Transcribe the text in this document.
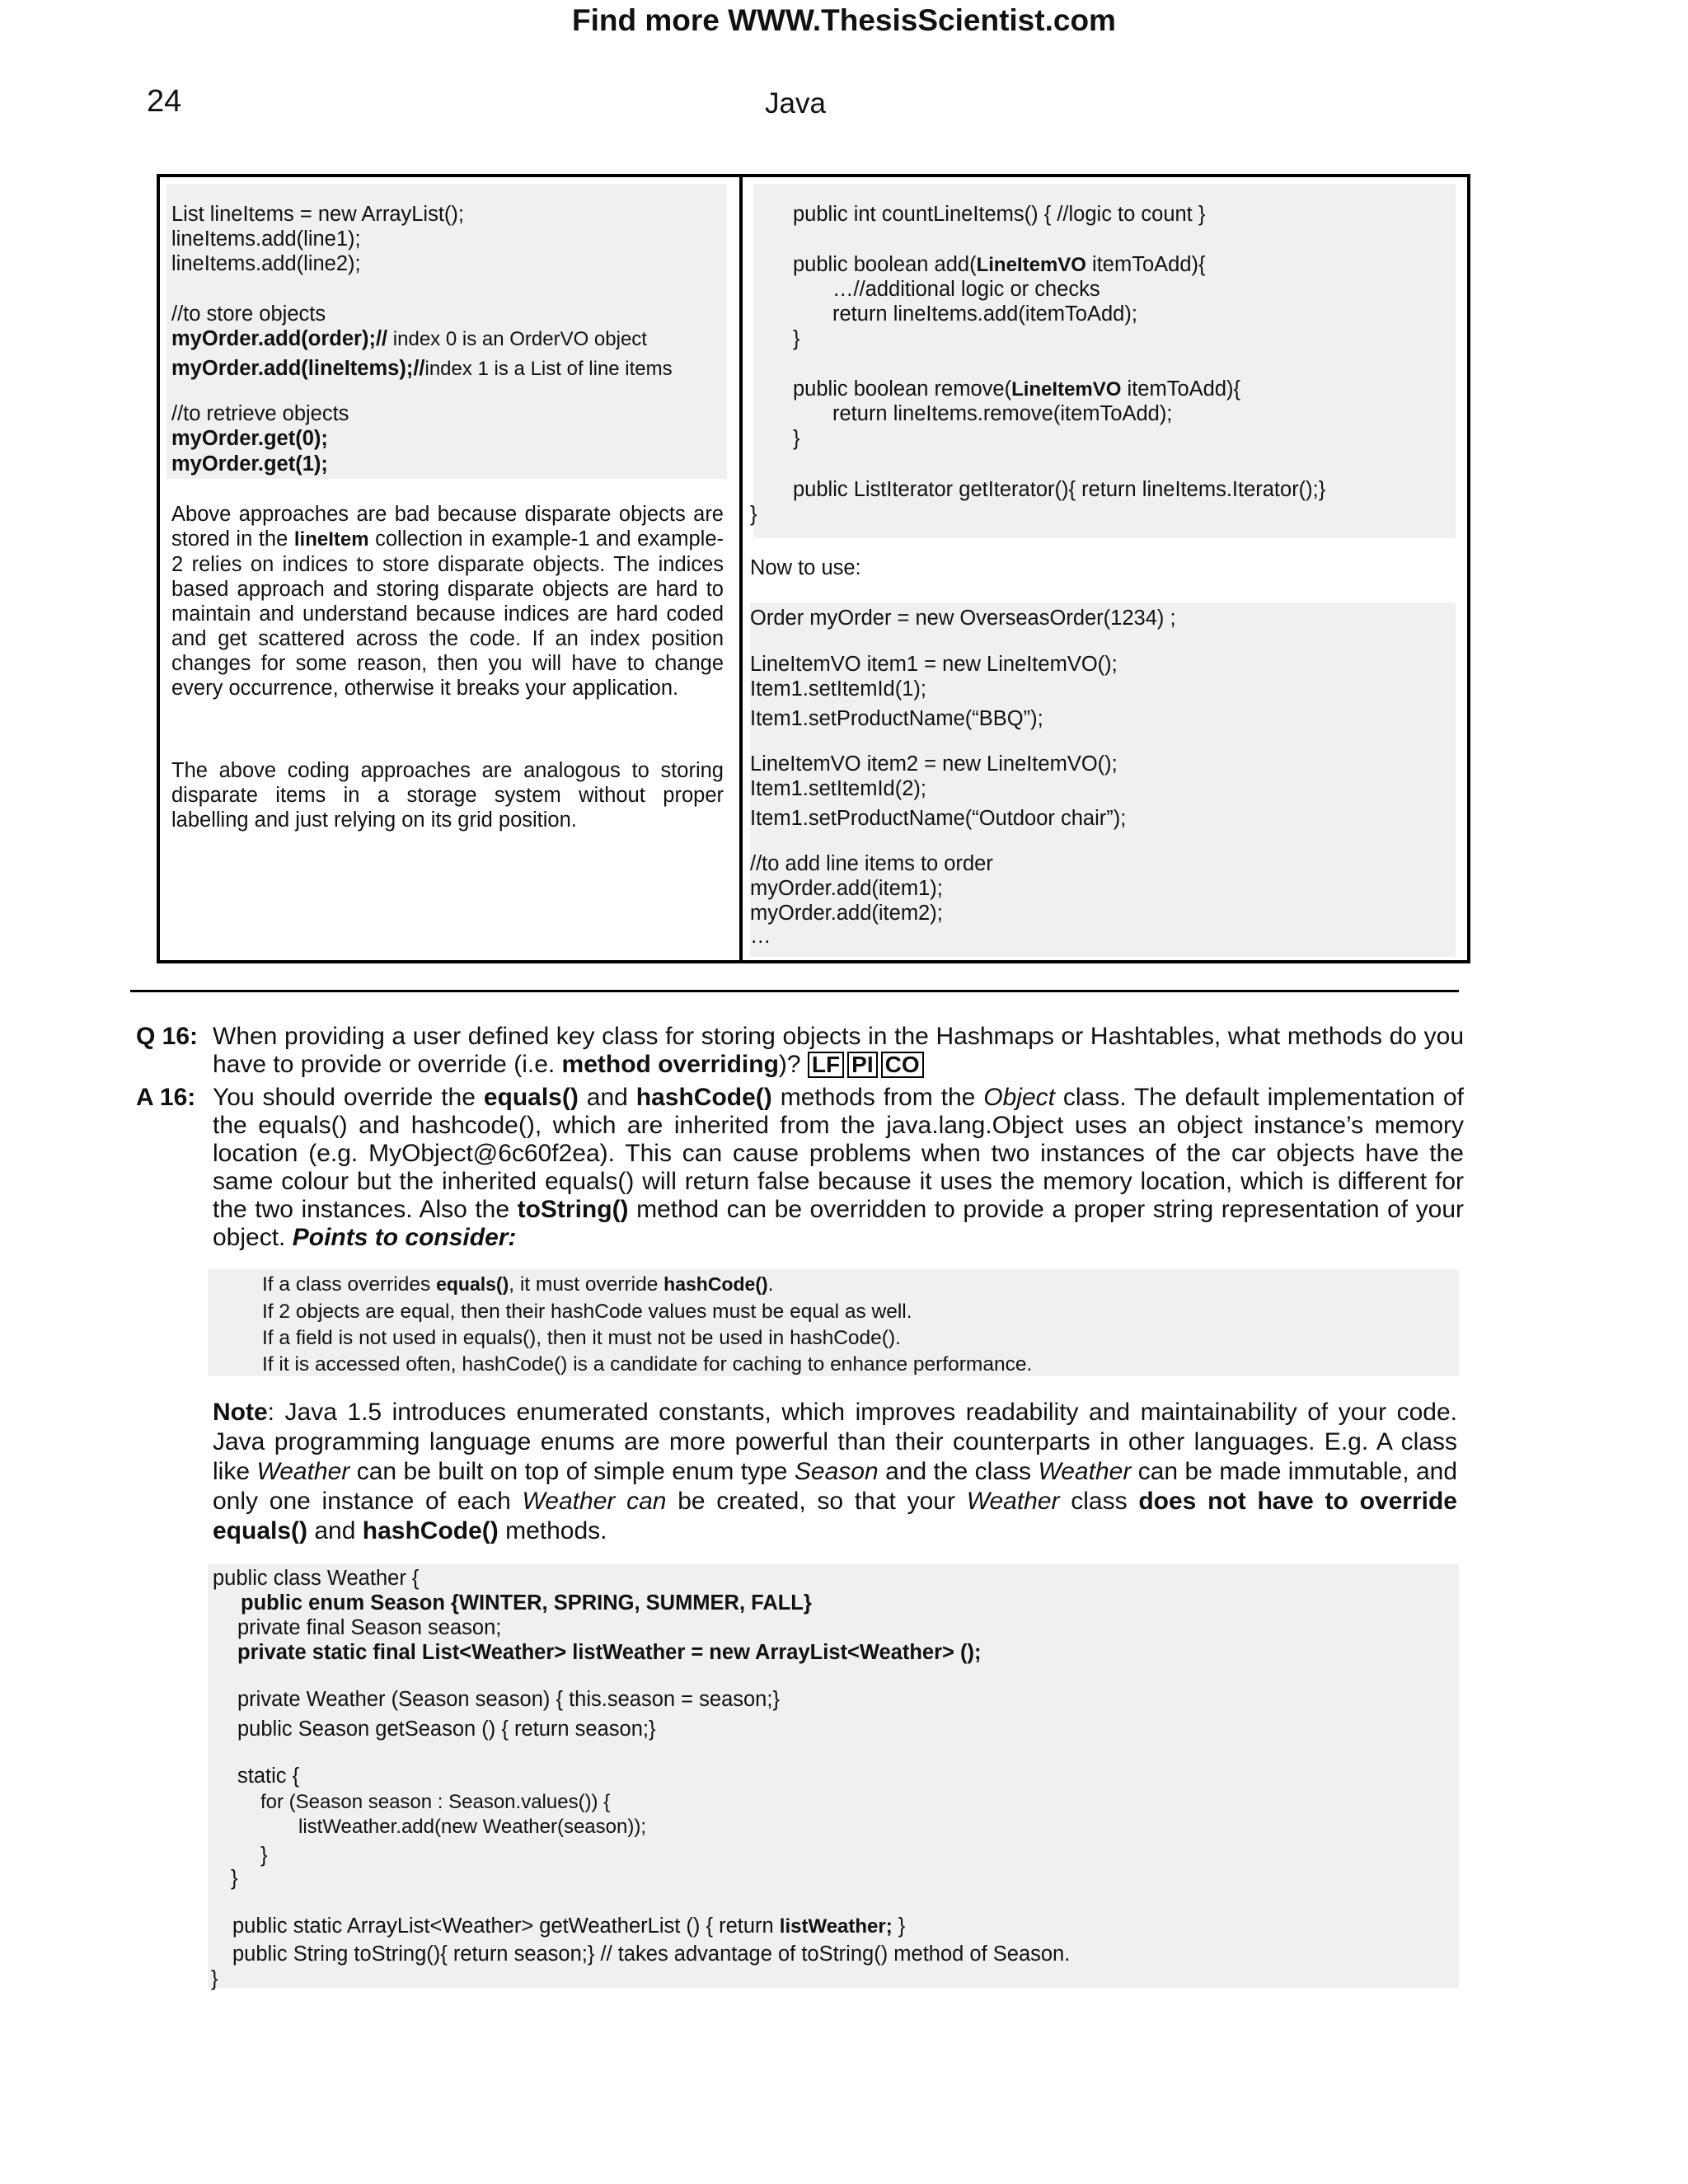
Find more WWW.ThesisScientist.com
24	Java
List lineItems = new ArrayList();
lineItems.add(line1);
lineItems.add(line2);
//to store objects
myOrder.add(order);// index 0 is an OrderVO object
myOrder.add(lineItems);//index 1 is a List of line items
//to retrieve objects
myOrder.get(0);
myOrder.get(1);
Above approaches are bad because disparate objects are stored in the lineItem collection in example-1 and example-2 relies on indices to store disparate objects. The indices based approach and storing disparate objects are hard to maintain and understand because indices are hard coded and get scattered across the code. If an index position changes for some reason, then you will have to change every occurrence, otherwise it breaks your application.
The above coding approaches are analogous to storing disparate items in a storage system without proper labelling and just relying on its grid position.
public int countLineItems() { //logic to count }
public boolean add(LineItemVO itemToAdd){
…//additional logic or checks
return lineItems.add(itemToAdd);
}
public boolean remove(LineItemVO itemToAdd){
return lineItems.remove(itemToAdd);
}
public ListIterator getIterator(){ return lineItems.Iterator();}
}
Now to use:
Order myOrder = new OverseasOrder(1234) ;
LineItemVO item1 = new LineItemVO();
Item1.setItemId(1);
Item1.setProductName(“BBQ”);
LineItemVO item2 = new LineItemVO();
Item1.setItemId(2);
Item1.setProductName(“Outdoor chair”);
//to add line items to order
myOrder.add(item1);
myOrder.add(item2);
…
Q 16: When providing a user defined key class for storing objects in the Hashmaps or Hashtables, what methods do you have to provide or override (i.e. method overriding)? LF PI CO
A 16: You should override the equals() and hashCode() methods from the Object class. The default implementation of the equals() and hashcode(), which are inherited from the java.lang.Object uses an object instance’s memory location (e.g. MyObject@6c60f2ea). This can cause problems when two instances of the car objects have the same colour but the inherited equals() will return false because it uses the memory location, which is different for the two instances. Also the toString() method can be overridden to provide a proper string representation of your object. Points to consider:
If a class overrides equals(), it must override hashCode().
If 2 objects are equal, then their hashCode values must be equal as well.
If a field is not used in equals(), then it must not be used in hashCode().
If it is accessed often, hashCode() is a candidate for caching to enhance performance.
Note: Java 1.5 introduces enumerated constants, which improves readability and maintainability of your code. Java programming language enums are more powerful than their counterparts in other languages. E.g. A class like Weather can be built on top of simple enum type Season and the class Weather can be made immutable, and only one instance of each Weather can be created, so that your Weather class does not have to override equals() and hashCode() methods.
public class Weather {
public enum Season {WINTER, SPRING, SUMMER, FALL}
private final Season season;
private static final List<Weather> listWeather = new ArrayList<Weather> ();
private Weather (Season season) { this.season = season;}
public Season getSeason () { return season;}
static {
for (Season season : Season.values()) {
listWeather.add(new Weather(season));
}
}
public static ArrayList<Weather> getWeatherList () { return listWeather; }
public String toString(){ return season;} // takes advantage of toString() method of Season.
}
